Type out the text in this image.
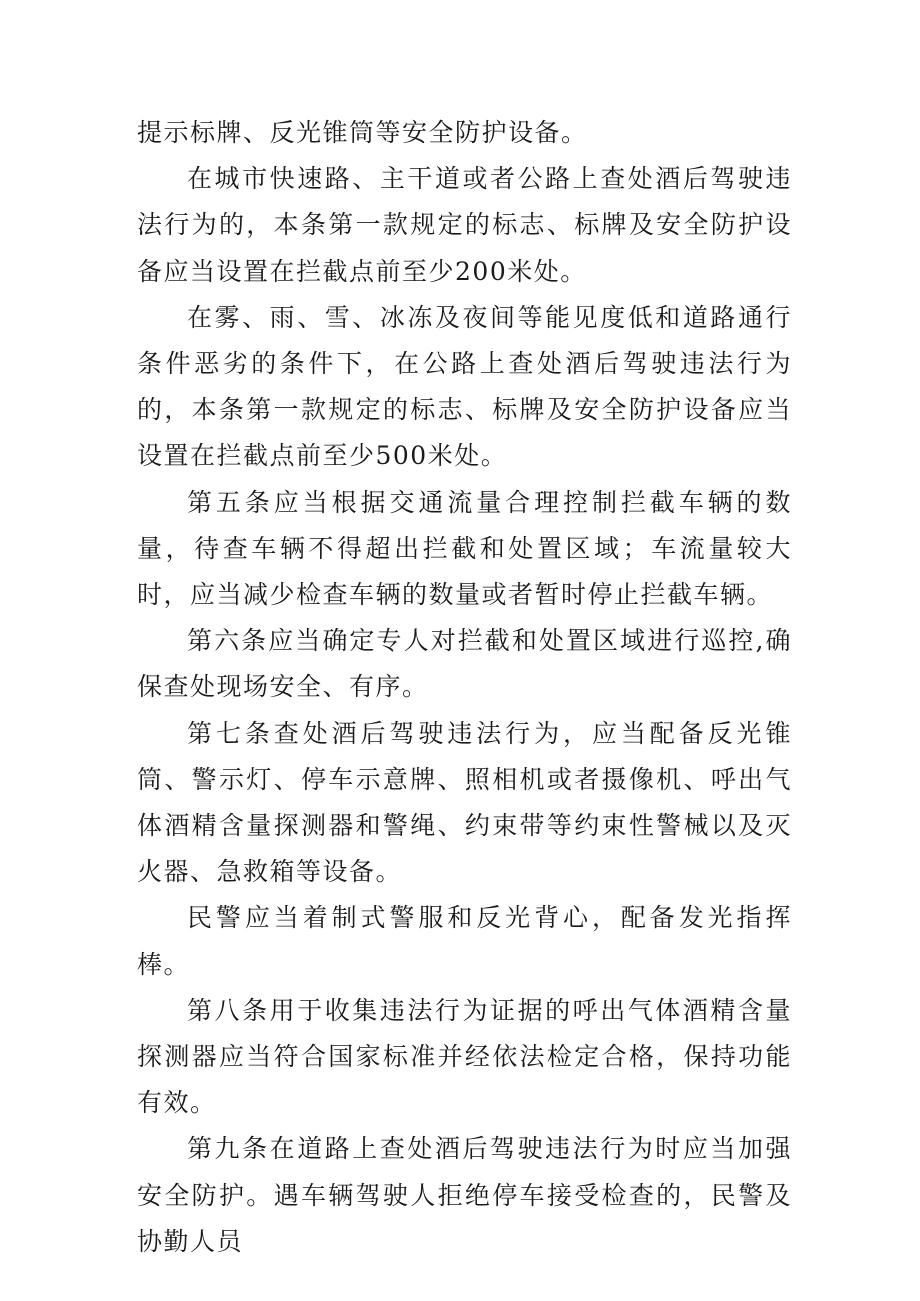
提示标牌、反光锥筒等安全防护设备。

在城市快速路、主干道或者公路上查处酒后驾驶违法行为的，本条第一款规定的标志、标牌及安全防护设备应当设置在拦截点前至少200米处。

在雾、雨、雪、冰冻及夜间等能见度低和道路通行条件恶劣的条件下，在公路上查处酒后驾驶违法行为的，本条第一款规定的标志、标牌及安全防护设备应当设置在拦截点前至少500米处。

第五条应当根据交通流量合理控制拦截车辆的数量，待查车辆不得超出拦截和处置区域；车流量较大时，应当减少检查车辆的数量或者暂时停止拦截车辆。

第六条应当确定专人对拦截和处置区域进行巡控,确保查处现场安全、有序。

第七条查处酒后驾驶违法行为，应当配备反光锥筒、警示灯、停车示意牌、照相机或者摄像机、呼出气体酒精含量探测器和警绳、约束带等约束性警械以及灭火器、急救箱等设备。

民警应当着制式警服和反光背心，配备发光指挥棒。

第八条用于收集违法行为证据的呼出气体酒精含量探测器应当符合国家标准并经依法检定合格，保持功能有效。

第九条在道路上查处酒后驾驶违法行为时应当加强安全防护。遇车辆驾驶人拒绝停车接受检查的，民警及协勤人员
